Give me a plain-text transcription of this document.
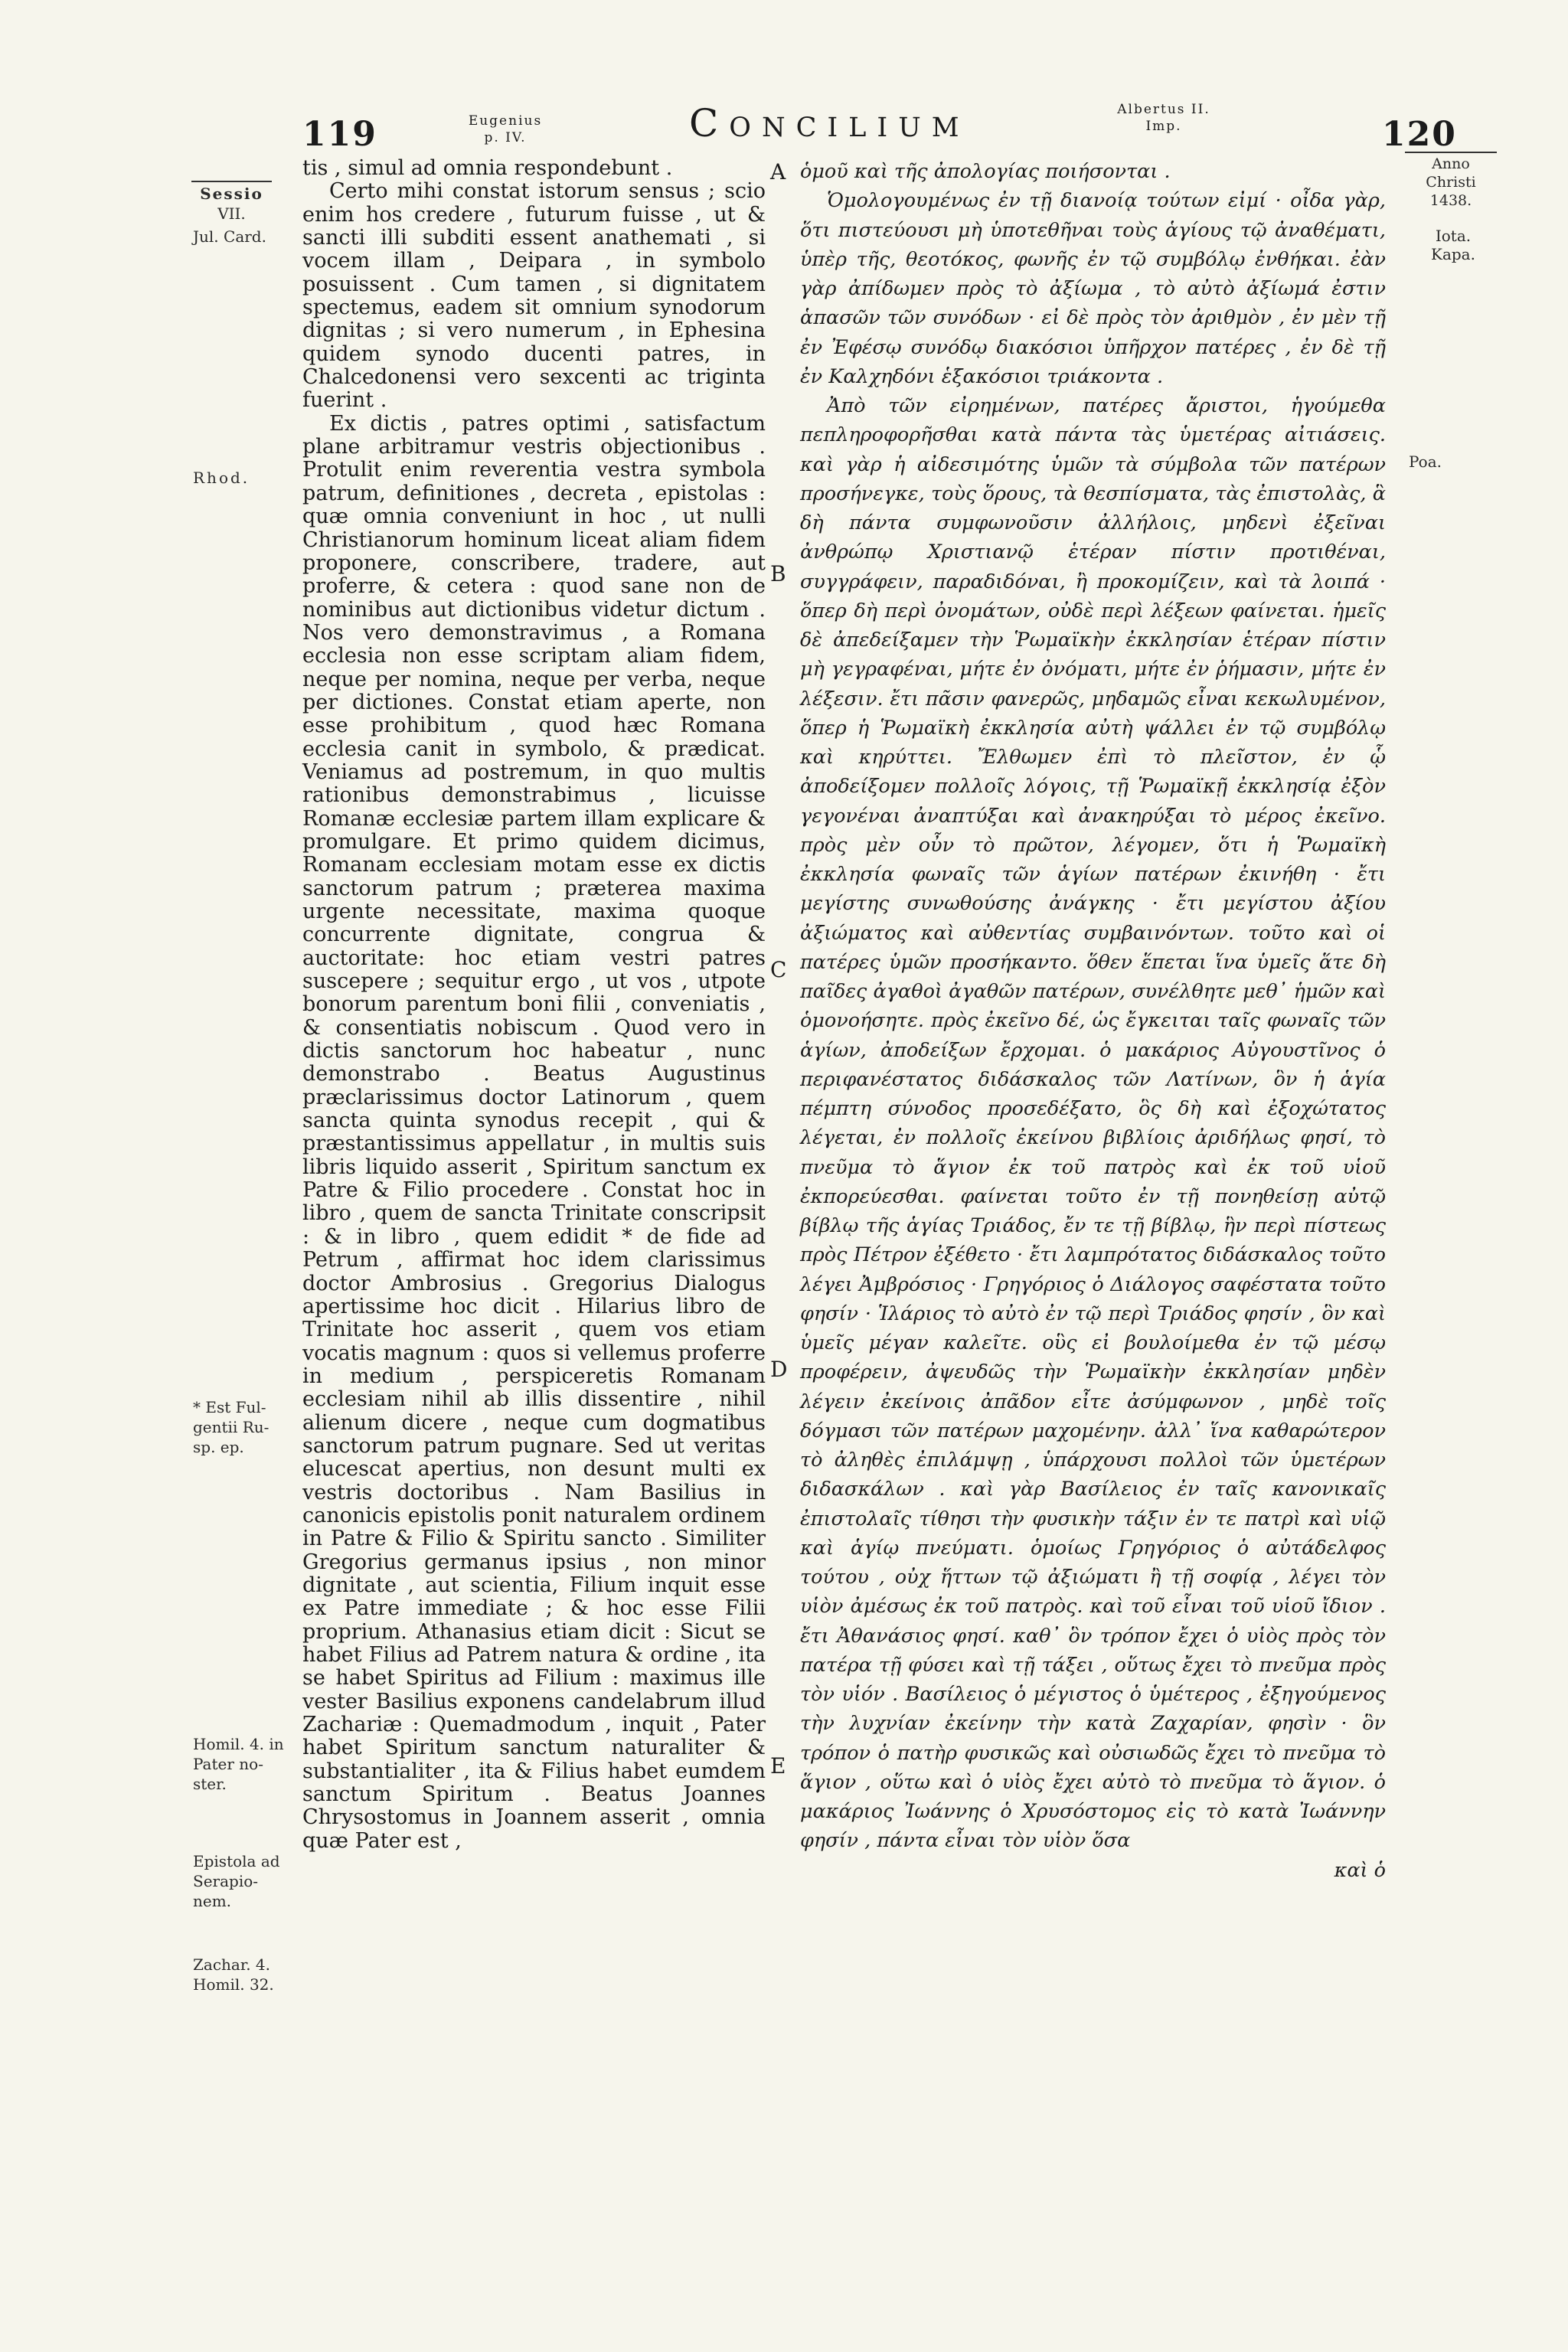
119	Eugenius
p. IV.	Concilium	Albertus II.
Imp.	120
Sessio
VII.
Jul. Card.
Rhod.
* Est Ful-
gentii Ru-
sp. ep.
Homil. 4. in
Pater no-
ster.
Epistola ad
Serapio-
nem.
Zachar. 4.
Homil. 32.
Anno
Christi
1438.
Iota.
Kapa.
Poa.
A
B
C
D
E

tis , simul ad omnia respondebunt .

Certo mihi constat istorum sensus ; scio enim hos credere , futurum fuisse , ut & sancti illi subditi essent anathemati , si vocem illam , Deipara , in symbolo posuissent . Cum tamen , si dignitatem spectemus, eadem sit omnium synodorum dignitas ; si vero numerum , in Ephesina quidem synodo ducenti patres, in Chalcedonensi vero sexcenti ac triginta fuerint .

Ex dictis , patres optimi , satisfactum plane arbitramur vestris objectionibus . Protulit enim reverentia vestra symbola patrum, definitiones , decreta , epistolas : quæ omnia conveniunt in hoc , ut nulli Christianorum hominum liceat aliam fidem proponere, conscribere, tradere, aut proferre, & cetera : quod sane non de nominibus aut dictionibus videtur dictum . Nos vero demonstravimus , a Romana ecclesia non esse scriptam aliam fidem, neque per nomina, neque per verba, neque per dictiones. Constat etiam aperte, non esse prohibitum , quod hæc Romana ecclesia canit in symbolo, & prædicat. Veniamus ad postremum, in quo multis rationibus demonstrabimus , licuisse Romanæ ecclesiæ partem illam explicare & promulgare. Et primo quidem dicimus, Romanam ecclesiam motam esse ex dictis sanctorum patrum ; præterea maxima urgente necessitate, maxima quoque concurrente dignitate, congrua & auctoritate: hoc etiam vestri patres suscepere ; sequitur ergo , ut vos , utpote bonorum parentum boni filii , conveniatis , & consentiatis nobiscum . Quod vero in dictis sanctorum hoc habeatur , nunc demonstrabo . Beatus Augustinus præclarissimus doctor Latinorum , quem sancta quinta synodus recepit , qui & præstantissimus appellatur , in multis suis libris liquido asserit , Spiritum sanctum ex Patre & Filio procedere . Constat hoc in libro , quem de sancta Trinitate conscripsit : & in libro , quem edidit * de fide ad Petrum , affirmat hoc idem clarissimus doctor Ambrosius . Gregorius Dialogus apertissime hoc dicit . Hilarius libro de Trinitate hoc asserit , quem vos etiam vocatis magnum : quos si vellemus proferre in medium , perspiceretis Romanam ecclesiam nihil ab illis dissentire , nihil alienum dicere , neque cum dogmatibus sanctorum patrum pugnare. Sed ut veritas elucescat apertius, non desunt multi ex vestris doctoribus . Nam Basilius in canonicis epistolis ponit naturalem ordinem in Patre & Filio & Spiritu sancto . Similiter Gregorius germanus ipsius , non minor dignitate , aut scientia, Filium inquit esse ex Patre immediate ; & hoc esse Filii proprium. Athanasius etiam dicit : Sicut se habet Filius ad Patrem natura & ordine , ita se habet Spiritus ad Filium : maximus ille vester Basilius exponens candelabrum illud Zachariæ : Quemadmodum , inquit , Pater habet Spiritum sanctum naturaliter & substantialiter , ita & Filius habet eumdem sanctum Spiritum . Beatus Joannes Chrysostomus in Joannem asserit , omnia quæ Pater est ,

ὁμοῦ καὶ τῆς ἀπολογίας ποιήσονται .

Ὁμολογουμένως ἐν τῇ διανοίᾳ τούτων εἰμί · οἶδα γὰρ, ὅτι πιστεύουσι μὴ ὑποτεθῆναι τοὺς ἁγίους τῷ ἀναθέματι, ὑπὲρ τῆς, θεοτόκος, φωνῆς ἐν τῷ συμβόλῳ ἐνθήκαι. ἐὰν γὰρ ἀπίδωμεν πρὸς τὸ ἀξίωμα , τὸ αὐτὸ ἀξίωμά ἐστιν ἁπασῶν τῶν συνόδων · εἰ δὲ πρὸς τὸν ἀριθμὸν , ἐν μὲν τῇ ἐν Ἐφέσῳ συνόδῳ διακόσιοι ὑπῆρχον πατέρες , ἐν δὲ τῇ ἐν Καλχηδόνι ἑξακόσιοι τριάκοντα .

Ἀπὸ τῶν εἰρημένων, πατέρες ἄριστοι, ἡγούμεθα πεπληροφορῆσθαι κατὰ πάντα τὰς ὑμετέρας αἰτιάσεις. καὶ γὰρ ἡ αἰδεσιμότης ὑμῶν τὰ σύμβολα τῶν πατέρων προσήνεγκε, τοὺς ὅρους, τὰ θεσπίσματα, τὰς ἐπιστολὰς, ἃ δὴ πάντα συμφωνοῦσιν ἀλλήλοις, μηδενὶ ἐξεῖναι ἀνθρώπῳ Χριστιανῷ ἑτέραν πίστιν προτιθέναι, συγγράφειν, παραδιδόναι, ἢ προκομίζειν, καὶ τὰ λοιπά · ὅπερ δὴ περὶ ὀνομάτων, οὐδὲ περὶ λέξεων φαίνεται. ἡμεῖς δὲ ἀπεδείξαμεν τὴν Ῥωμαϊκὴν ἐκκλησίαν ἑτέραν πίστιν μὴ γεγραφέναι, μήτε ἐν ὀνόματι, μήτε ἐν ῥήμασιν, μήτε ἐν λέξεσιν. ἔτι πᾶσιν φανερῶς, μηδαμῶς εἶναι κεκωλυμένον, ὅπερ ἡ Ῥωμαϊκὴ ἐκκλησία αὐτὴ ψάλλει ἐν τῷ συμβόλῳ καὶ κηρύττει. Ἔλθωμεν ἐπὶ τὸ πλεῖστον, ἐν ᾧ ἀποδείξομεν πολλοῖς λόγοις, τῇ Ῥωμαϊκῇ ἐκκλησίᾳ ἐξὸν γεγονέναι ἀναπτύξαι καὶ ἀνακηρύξαι τὸ μέρος ἐκεῖνο. πρὸς μὲν οὖν τὸ πρῶτον, λέγομεν, ὅτι ἡ Ῥωμαϊκὴ ἐκκλησία φωναῖς τῶν ἁγίων πατέρων ἐκινήθη · ἔτι μεγίστης συνωθούσης ἀνάγκης · ἔτι μεγίστου ἀξίου ἀξιώματος καὶ αὐθεντίας συμβαινόντων. τοῦτο καὶ οἱ πατέρες ὑμῶν προσήκαντο. ὅθεν ἕπεται ἵνα ὑμεῖς ἅτε δὴ παῖδες ἀγαθοὶ ἀγαθῶν πατέρων, συνέλθητε μεθ᾽ ἡμῶν καὶ ὁμονοήσητε. πρὸς ἐκεῖνο δέ, ὡς ἔγκειται ταῖς φωναῖς τῶν ἁγίων, ἀποδείξων ἔρχομαι. ὁ μακάριος Αὐγουστῖνος ὁ περιφανέστατος διδάσκαλος τῶν Λατίνων, ὃν ἡ ἁγία πέμπτη σύνοδος προσεδέξατο, ὃς δὴ καὶ ἐξοχώτατος λέγεται, ἐν πολλοῖς ἐκείνου βιβλίοις ἀριδήλως φησί, τὸ πνεῦμα τὸ ἅγιον ἐκ τοῦ πατρὸς καὶ ἐκ τοῦ υἱοῦ ἐκπορεύεσθαι. φαίνεται τοῦτο ἐν τῇ πονηθείσῃ αὐτῷ βίβλῳ τῆς ἁγίας Τριάδος, ἔν τε τῇ βίβλῳ, ἣν περὶ πίστεως πρὸς Πέτρον ἐξέθετο · ἔτι λαμπρότατος διδάσκαλος τοῦτο λέγει Ἀμβρόσιος · Γρηγόριος ὁ Διάλογος σαφέστατα τοῦτο φησίν · Ἱλάριος τὸ αὐτὸ ἐν τῷ περὶ Τριάδος φησίν , ὃν καὶ ὑμεῖς μέγαν καλεῖτε. οὓς εἰ βουλοίμεθα ἐν τῷ μέσῳ προφέρειν, ἀψευδῶς τὴν Ῥωμαϊκὴν ἐκκλησίαν μηδὲν λέγειν ἐκείνοις ἀπᾶδον εἶτε ἀσύμφωνον , μηδὲ τοῖς δόγμασι τῶν πατέρων μαχομένην. ἀλλ᾽ ἵνα καθαρώτερον τὸ ἀληθὲς ἐπιλάμψῃ , ὑπάρχουσι πολλοὶ τῶν ὑμετέρων διδασκάλων . καὶ γὰρ Βασίλειος ἐν ταῖς κανονικαῖς ἐπιστολαῖς τίθησι τὴν φυσικὴν τάξιν ἐν τε πατρὶ καὶ υἱῷ καὶ ἁγίῳ πνεύματι. ὁμοίως Γρηγόριος ὁ αὐτάδελφος τούτου , οὐχ ἥττων τῷ ἀξιώματι ἢ τῇ σοφίᾳ , λέγει τὸν υἱὸν ἀμέσως ἐκ τοῦ πατρὸς. καὶ τοῦ εἶναι τοῦ υἱοῦ ἴδιον . ἔτι Ἀθανάσιος φησί. καθ᾽ ὃν τρόπον ἔχει ὁ υἱὸς πρὸς τὸν πατέρα τῇ φύσει καὶ τῇ τάξει , οὕτως ἔχει τὸ πνεῦμα πρὸς τὸν υἱόν . Βασίλειος ὁ μέγιστος ὁ ὑμέτερος , ἐξηγούμενος τὴν λυχνίαν ἐκείνην τὴν κατὰ Ζαχαρίαν, φησὶν · ὃν τρόπον ὁ πατὴρ φυσικῶς καὶ οὐσιωδῶς ἔχει τὸ πνεῦμα τὸ ἅγιον , οὕτω καὶ ὁ υἱὸς ἔχει αὐτὸ τὸ πνεῦμα τὸ ἅγιον. ὁ μακάριος Ἰωάννης ὁ Χρυσόστομος εἰς τὸ κατὰ Ἰωάννην φησίν , πάντα εἶναι τὸν υἱὸν ὅσα

καὶ ὁ
